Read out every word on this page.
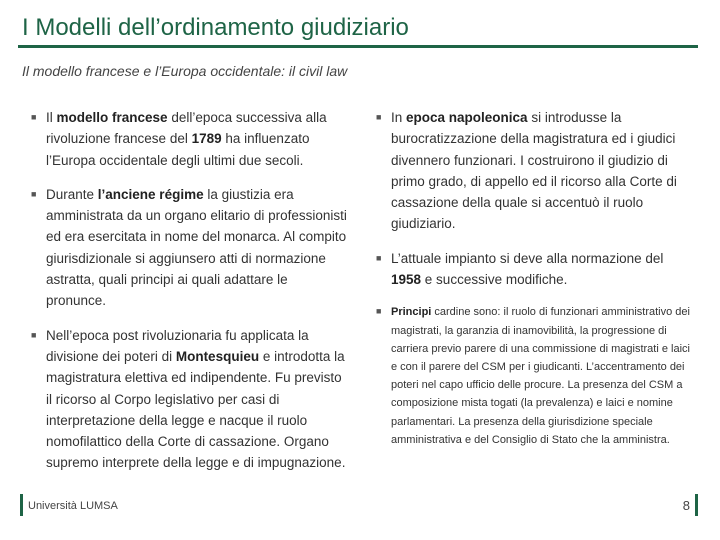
I Modelli dell’ordinamento giudiziario
Il modello francese e l’Europa occidentale: il civil law
■ Il modello francese dell’epoca successiva alla rivoluzione francese del 1789 ha influenzato l’Europa occidentale degli ultimi due secoli.
■ Durante l’anciene régime la giustizia era amministrata da un organo elitario di professionisti ed era esercitata in nome del monarca. Al compito giurisdizionale si aggiunsero atti di normazione astratta, quali principi ai quali adattare le pronunce.
■ Nell’epoca post rivoluzionaria fu applicata la divisione dei poteri di Montesquieu e introdotta la magistratura elettiva ed indipendente. Fu previsto il ricorso al Corpo legislativo per casi di interpretazione della legge e nacque il ruolo nomofilattico della Corte di cassazione. Organo supremo interprete della legge e di impugnazione.
■ In epoca napoleonica si introdusse la burocratizzazione della magistratura ed i giudici divennero funzionari. I costruirono il giudizio di primo grado, di appello ed il ricorso alla Corte di cassazione della quale si accentuò il ruolo giudiziario.
■ L’attuale impianto si deve alla normazione del 1958 e successive modifiche.
■ Principi cardine sono: il ruolo di funzionari amministrativo dei magistrati, la garanzia di inamovibilità, la progressione di carriera previo parere di una commissione di magistrati e laici e con il parere del CSM per i giudicanti. L’accentramento dei poteri nel capo ufficio delle procure. La presenza del CSM a composizione mista togati (la prevalenza) e laici e nomine parlamentari. La presenza della giurisdizione speciale amministrativa e del Consiglio di Stato che la amministra.
Università LUMSA	8
